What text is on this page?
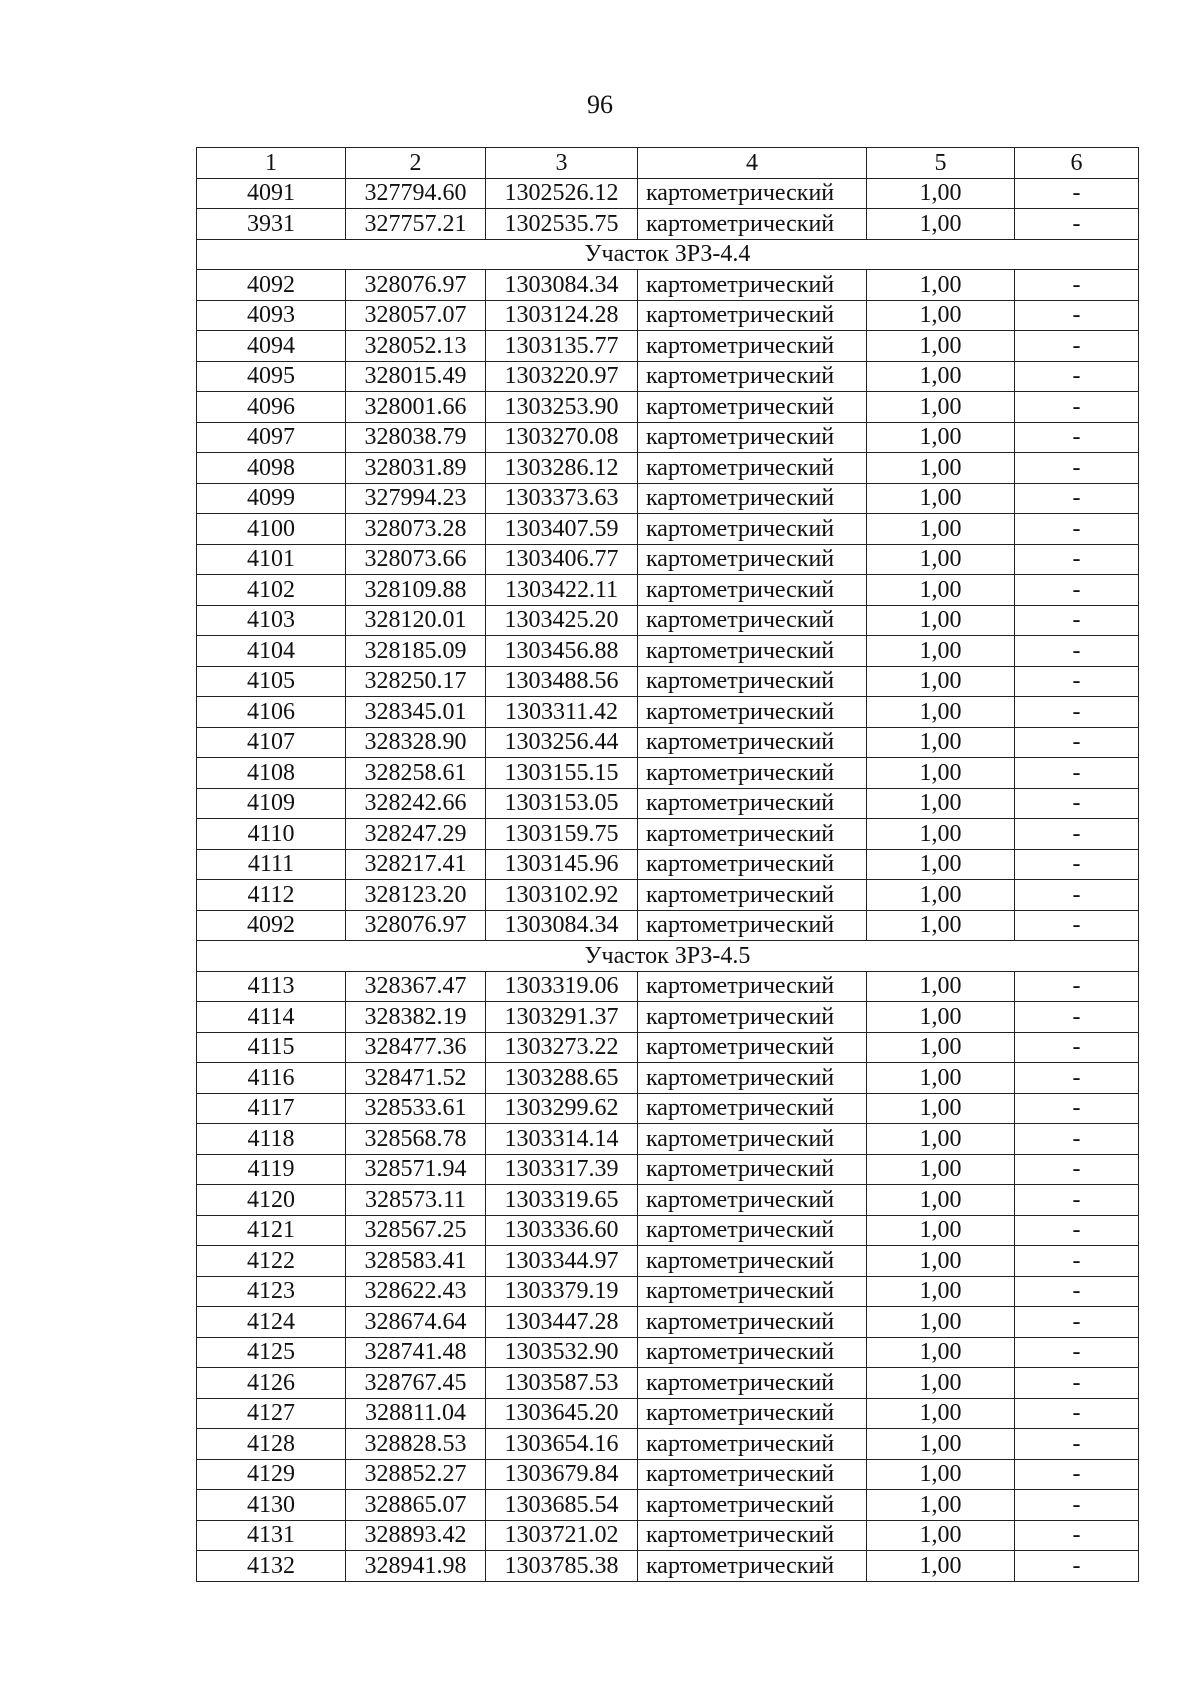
96
1	2	3	4	5	6
4091	327794.60	1302526.12	картометрический	1,00	-
3931	327757.21	1302535.75	картометрический	1,00	-
Участок ЗРЗ-4.4					
4092	328076.97	1303084.34	картометрический	1,00	-
4093	328057.07	1303124.28	картометрический	1,00	-
4094	328052.13	1303135.77	картометрический	1,00	-
4095	328015.49	1303220.97	картометрический	1,00	-
4096	328001.66	1303253.90	картометрический	1,00	-
4097	328038.79	1303270.08	картометрический	1,00	-
4098	328031.89	1303286.12	картометрический	1,00	-
4099	327994.23	1303373.63	картометрический	1,00	-
4100	328073.28	1303407.59	картометрический	1,00	-
4101	328073.66	1303406.77	картометрический	1,00	-
4102	328109.88	1303422.11	картометрический	1,00	-
4103	328120.01	1303425.20	картометрический	1,00	-
4104	328185.09	1303456.88	картометрический	1,00	-
4105	328250.17	1303488.56	картометрический	1,00	-
4106	328345.01	1303311.42	картометрический	1,00	-
4107	328328.90	1303256.44	картометрический	1,00	-
4108	328258.61	1303155.15	картометрический	1,00	-
4109	328242.66	1303153.05	картометрический	1,00	-
4110	328247.29	1303159.75	картометрический	1,00	-
4111	328217.41	1303145.96	картометрический	1,00	-
4112	328123.20	1303102.92	картометрический	1,00	-
4092	328076.97	1303084.34	картометрический	1,00	-
Участок ЗРЗ-4.5					
4113	328367.47	1303319.06	картометрический	1,00	-
4114	328382.19	1303291.37	картометрический	1,00	-
4115	328477.36	1303273.22	картометрический	1,00	-
4116	328471.52	1303288.65	картометрический	1,00	-
4117	328533.61	1303299.62	картометрический	1,00	-
4118	328568.78	1303314.14	картометрический	1,00	-
4119	328571.94	1303317.39	картометрический	1,00	-
4120	328573.11	1303319.65	картометрический	1,00	-
4121	328567.25	1303336.60	картометрический	1,00	-
4122	328583.41	1303344.97	картометрический	1,00	-
4123	328622.43	1303379.19	картометрический	1,00	-
4124	328674.64	1303447.28	картометрический	1,00	-
4125	328741.48	1303532.90	картометрический	1,00	-
4126	328767.45	1303587.53	картометрический	1,00	-
4127	328811.04	1303645.20	картометрический	1,00	-
4128	328828.53	1303654.16	картометрический	1,00	-
4129	328852.27	1303679.84	картометрический	1,00	-
4130	328865.07	1303685.54	картометрический	1,00	-
4131	328893.42	1303721.02	картометрический	1,00	-
4132	328941.98	1303785.38	картометрический	1,00	-
